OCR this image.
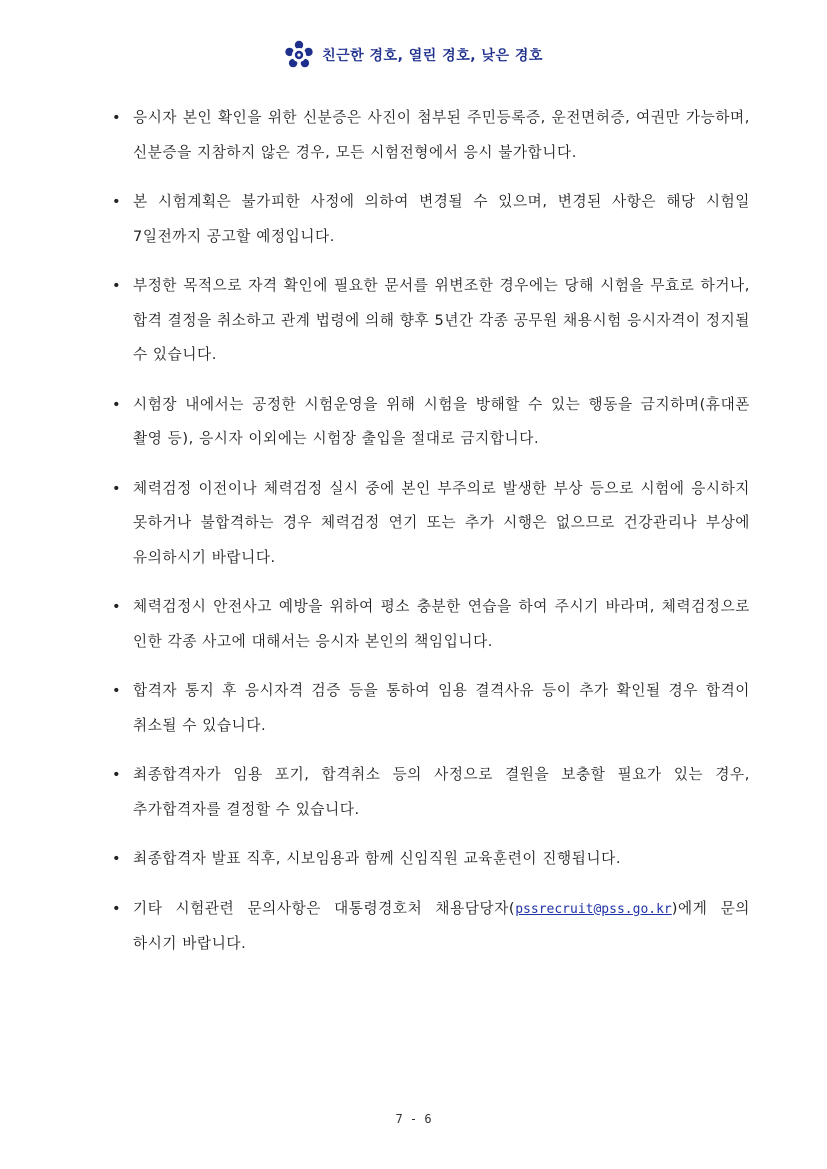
친근한 경호, 열린 경호, 낮은 경호

• 응시자 본인 확인을 위한 신분증은 사진이 첨부된 주민등록증, 운전면허증, 여권만 가능하며, 신분증을 지참하지 않은 경우, 모든 시험전형에서 응시 불가합니다.

• 본 시험계획은 불가피한 사정에 의하여 변경될 수 있으며, 변경된 사항은 해당 시험일 7일전까지 공고할 예정입니다.

• 부정한 목적으로 자격 확인에 필요한 문서를 위변조한 경우에는 당해 시험을 무효로 하거나, 합격 결정을 취소하고 관계 법령에 의해 향후 5년간 각종 공무원 채용시험 응시자격이 정지될 수 있습니다.

• 시험장 내에서는 공정한 시험운영을 위해 시험을 방해할 수 있는 행동을 금지하며(휴대폰 촬영 등), 응시자 이외에는 시험장 출입을 절대로 금지합니다.

• 체력검정 이전이나 체력검정 실시 중에 본인 부주의로 발생한 부상 등으로 시험에 응시하지 못하거나 불합격하는 경우 체력검정 연기 또는 추가 시행은 없으므로 건강관리나 부상에 유의하시기 바랍니다.

• 체력검정시 안전사고 예방을 위하여 평소 충분한 연습을 하여 주시기 바라며, 체력검정으로 인한 각종 사고에 대해서는 응시자 본인의 책임입니다.

• 합격자 통지 후 응시자격 검증 등을 통하여 임용 결격사유 등이 추가 확인될 경우 합격이 취소될 수 있습니다.

• 최종합격자가 임용 포기, 합격취소 등의 사정으로 결원을 보충할 필요가 있는 경우, 추가합격자를 결정할 수 있습니다.

• 최종합격자 발표 직후, 시보임용과 함께 신임직원 교육훈련이 진행됩니다.

• 기타 시험관련 문의사항은 대통령경호처 채용담당자(pssrecruit@pss.go.kr)에게 문의 하시기 바랍니다.

7 - 6
